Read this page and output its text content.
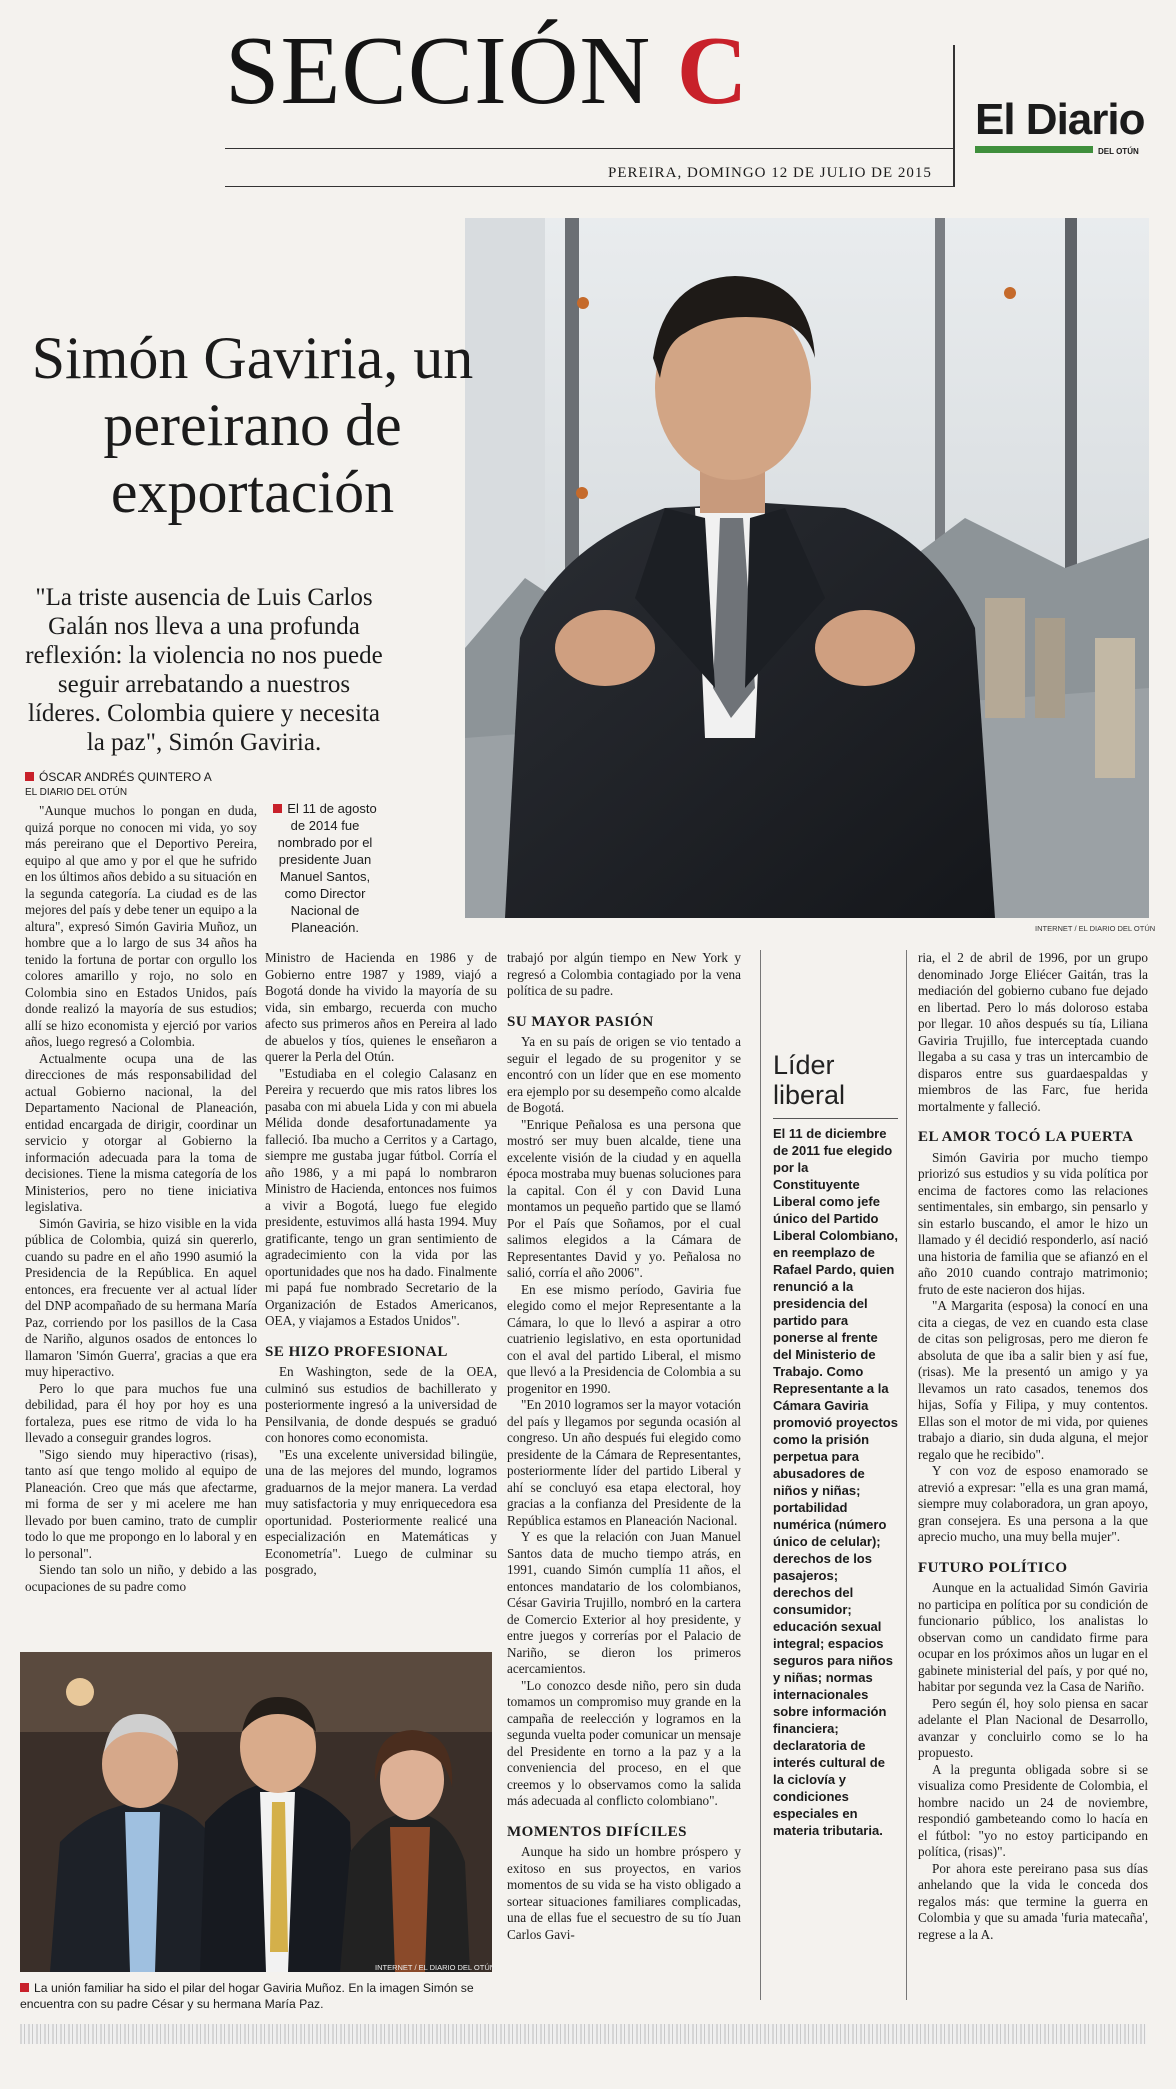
SECCIÓN C
PEREIRA, DOMINGO 12 DE JULIO DE 2015
El Diario
DEL OTÚN
INTERNET / EL DIARIO DEL OTÚN
Simón Gaviria, un pereirano de exportación
"La triste ausencia de Luis Carlos Galán nos lleva a una profunda reflexión: la violencia no nos puede seguir arrebatando a nuestros líderes. Colombia quiere y necesita la paz", Simón Gaviria.
ÓSCAR ANDRÉS QUINTERO A
EL DIARIO DEL OTÚN

"Aunque muchos lo pongan en duda, quizá porque no conocen mi vida, yo soy más pereirano que el Deportivo Pereira, equipo al que amo y por el que he sufrido en los últimos años debido a su situación en la segunda categoría. La ciudad es de las mejores del país y debe tener un equipo a la altura", expresó Simón Gaviria Muñoz, un hombre que a lo largo de sus 34 años ha tenido la fortuna de portar con orgullo los colores amarillo y rojo, no solo en Colombia sino en Estados Unidos, país donde realizó la mayoría de sus estudios; allí se hizo economista y ejerció por varios años, luego regresó a Colombia.

Actualmente ocupa una de las direcciones de más responsabilidad del actual Gobierno nacional, la del Departamento Nacional de Planeación, entidad encargada de dirigir, coordinar un servicio y otorgar al Gobierno la información adecuada para la toma de decisiones. Tiene la misma categoría de los Ministerios, pero no tiene iniciativa legislativa.

Simón Gaviria, se hizo visible en la vida pública de Colombia, quizá sin quererlo, cuando su padre en el año 1990 asumió la Presidencia de la República. En aquel entonces, era frecuente ver al actual líder del DNP acompañado de su hermana María Paz, corriendo por los pasillos de la Casa de Nariño, algunos osados de entonces lo llamaron 'Simón Guerra', gracias a que era muy hiperactivo.

Pero lo que para muchos fue una debilidad, para él hoy por hoy es una fortaleza, pues ese ritmo de vida lo ha llevado a conseguir grandes logros.

"Sigo siendo muy hiperactivo (risas), tanto así que tengo molido al equipo de Planeación. Creo que más que afectarme, mi forma de ser y mi acelere me han llevado por buen camino, trato de cumplir todo lo que me propongo en lo laboral y en lo personal".

Siendo tan solo un niño, y debido a las ocupaciones de su padre como

El 11 de agosto de 2014 fue nombrado por el presidente Juan Manuel Santos, como Director Nacional de Planeación.

Ministro de Hacienda en 1986 y de Gobierno entre 1987 y 1989, viajó a Bogotá donde ha vivido la mayoría de su vida, sin embargo, recuerda con mucho afecto sus primeros años en Pereira al lado de abuelos y tíos, quienes le enseñaron a querer la Perla del Otún.

"Estudiaba en el colegio Calasanz en Pereira y recuerdo que mis ratos libres los pasaba con mi abuela Lida y con mi abuela Mélida donde desafortunadamente ya falleció. Iba mucho a Cerritos y a Cartago, siempre me gustaba jugar fútbol. Corría el año 1986, y a mi papá lo nombraron Ministro de Hacienda, entonces nos fuimos a vivir a Bogotá, luego fue elegido presidente, estuvimos allá hasta 1994. Muy gratificante, tengo un gran sentimiento de agradecimiento con la vida por las oportunidades que nos ha dado. Finalmente mi papá fue nombrado Secretario de la Organización de Estados Americanos, OEA, y viajamos a Estados Unidos".

SE HIZO PROFESIONAL

En Washington, sede de la OEA, culminó sus estudios de bachillerato y posteriormente ingresó a la universidad de Pensilvania, de donde después se graduó con honores como economista.

"Es una excelente universidad bilingüe, una de las mejores del mundo, logramos graduarnos de la mejor manera. La verdad muy satisfactoria y muy enriquecedora esa oportunidad. Posteriormente realicé una especialización en Matemáticas y Econometría". Luego de culminar su posgrado,

INTERNET / EL DIARIO DEL OTÚN
La unión familiar ha sido el pilar del hogar Gaviria Muñoz. En la imagen Simón se encuentra con su padre César y su hermana María Paz.

trabajó por algún tiempo en New York y regresó a Colombia contagiado por la vena política de su padre.

SU MAYOR PASIÓN

Ya en su país de origen se vio tentado a seguir el legado de su progenitor y se encontró con un líder que en ese momento era ejemplo por su desempeño como alcalde de Bogotá.

"Enrique Peñalosa es una persona que mostró ser muy buen alcalde, tiene una excelente visión de la ciudad y en aquella época mostraba muy buenas soluciones para la capital. Con él y con David Luna montamos un pequeño partido que se llamó Por el País que Soñamos, por el cual salimos elegidos a la Cámara de Representantes David y yo. Peñalosa no salió, corría el año 2006".

En ese mismo período, Gaviria fue elegido como el mejor Representante a la Cámara, lo que lo llevó a aspirar a otro cuatrienio legislativo, en esta oportunidad con el aval del partido Liberal, el mismo que llevó a la Presidencia de Colombia a su progenitor en 1990.

"En 2010 logramos ser la mayor votación del país y llegamos por segunda ocasión al congreso. Un año después fui elegido como presidente de la Cámara de Representantes, posteriormente líder del partido Liberal y ahí se concluyó esa etapa electoral, hoy gracias a la confianza del Presidente de la República estamos en Planeación Nacional.

Y es que la relación con Juan Manuel Santos data de mucho tiempo atrás, en 1991, cuando Simón cumplía 11 años, el entonces mandatario de los colombianos, César Gaviria Trujillo, nombró en la cartera de Comercio Exterior al hoy presidente, y entre juegos y correrías por el Palacio de Nariño, se dieron los primeros acercamientos.

"Lo conozco desde niño, pero sin duda tomamos un compromiso muy grande en la campaña de reelección y logramos en la segunda vuelta poder comunicar un mensaje del Presidente en torno a la paz y a la conveniencia del proceso, en el que creemos y lo observamos como la salida más adecuada al conflicto colombiano".

MOMENTOS DIFÍCILES

Aunque ha sido un hombre próspero y exitoso en sus proyectos, en varios momentos de su vida se ha visto obligado a sortear situaciones familiares complicadas, una de ellas fue el secuestro de su tío Juan Carlos Gavi-

Líder liberal
El 11 de diciembre de 2011 fue elegido por la Constituyente Liberal como jefe único del Partido Liberal Colombiano, en reemplazo de Rafael Pardo, quien renunció a la presidencia del partido para ponerse al frente del Ministerio de Trabajo. Como Representante a la Cámara Gaviria promovió proyectos como la prisión perpetua para abusadores de niños y niñas; portabilidad numérica (número único de celular); derechos de los pasajeros; derechos del consumidor; educación sexual integral; espacios seguros para niños y niñas; normas internacionales sobre información financiera; declaratoria de interés cultural de la ciclovía y condiciones especiales en materia tributaria.

ria, el 2 de abril de 1996, por un grupo denominado Jorge Eliécer Gaitán, tras la mediación del gobierno cubano fue dejado en libertad. Pero lo más doloroso estaba por llegar. 10 años después su tía, Liliana Gaviria Trujillo, fue interceptada cuando llegaba a su casa y tras un intercambio de disparos entre sus guardaespaldas y miembros de las Farc, fue herida mortalmente y falleció.

EL AMOR TOCÓ LA PUERTA

Simón Gaviria por mucho tiempo priorizó sus estudios y su vida política por encima de factores como las relaciones sentimentales, sin embargo, sin pensarlo y sin estarlo buscando, el amor le hizo un llamado y él decidió responderlo, así nació una historia de familia que se afianzó en el año 2010 cuando contrajo matrimonio; fruto de este nacieron dos hijas.

"A Margarita (esposa) la conocí en una cita a ciegas, de vez en cuando esta clase de citas son peligrosas, pero me dieron fe absoluta de que iba a salir bien y así fue, (risas). Me la presentó un amigo y ya llevamos un rato casados, tenemos dos hijas, Sofía y Filipa, y muy contentos. Ellas son el motor de mi vida, por quienes trabajo a diario, sin duda alguna, el mejor regalo que he recibido".

Y con voz de esposo enamorado se atrevió a expresar: "ella es una gran mamá, siempre muy colaboradora, un gran apoyo, gran consejera. Es una persona a la que aprecio mucho, una muy bella mujer".

FUTURO POLÍTICO

Aunque en la actualidad Simón Gaviria no participa en política por su condición de funcionario público, los analistas lo observan como un candidato firme para ocupar en los próximos años un lugar en el gabinete ministerial del país, y por qué no, habitar por segunda vez la Casa de Nariño.

Pero según él, hoy solo piensa en sacar adelante el Plan Nacional de Desarrollo, avanzar y concluirlo como se lo ha propuesto.

A la pregunta obligada sobre si se visualiza como Presidente de Colombia, el hombre nacido un 24 de noviembre, respondió gambeteando como lo hacía en el fútbol: "yo no estoy participando en política, (risas)".

Por ahora este pereirano pasa sus días anhelando que la vida le conceda dos regalos más: que termine la guerra en Colombia y que su amada 'furia matecaña', regrese a la A.
